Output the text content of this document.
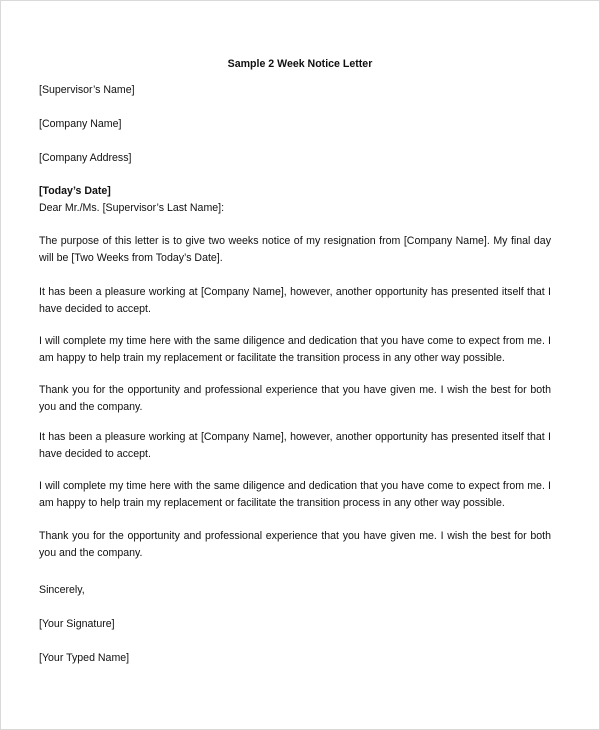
Sample 2 Week Notice Letter

[Supervisor’s Name]

[Company Name]

[Company Address]

[Today’s Date]

Dear Mr./Ms. [Supervisor’s Last Name]:

The purpose of this letter is to give two weeks notice of my resignation from [Company Name]. My final day will be [Two Weeks from Today’s Date].

It has been a pleasure working at [Company Name], however, another opportunity has presented itself that I have decided to accept.

I will complete my time here with the same diligence and dedication that you have come to expect from me. I am happy to help train my replacement or facilitate the transition process in any other way possible.

Thank you for the opportunity and professional experience that you have given me. I wish the best for both you and the company.

It has been a pleasure working at [Company Name], however, another opportunity has presented itself that I have decided to accept.

I will complete my time here with the same diligence and dedication that you have come to expect from me. I am happy to help train my replacement or facilitate the transition process in any other way possible.

Thank you for the opportunity and professional experience that you have given me. I wish the best for both you and the company.

Sincerely,

[Your Signature]

[Your Typed Name]
